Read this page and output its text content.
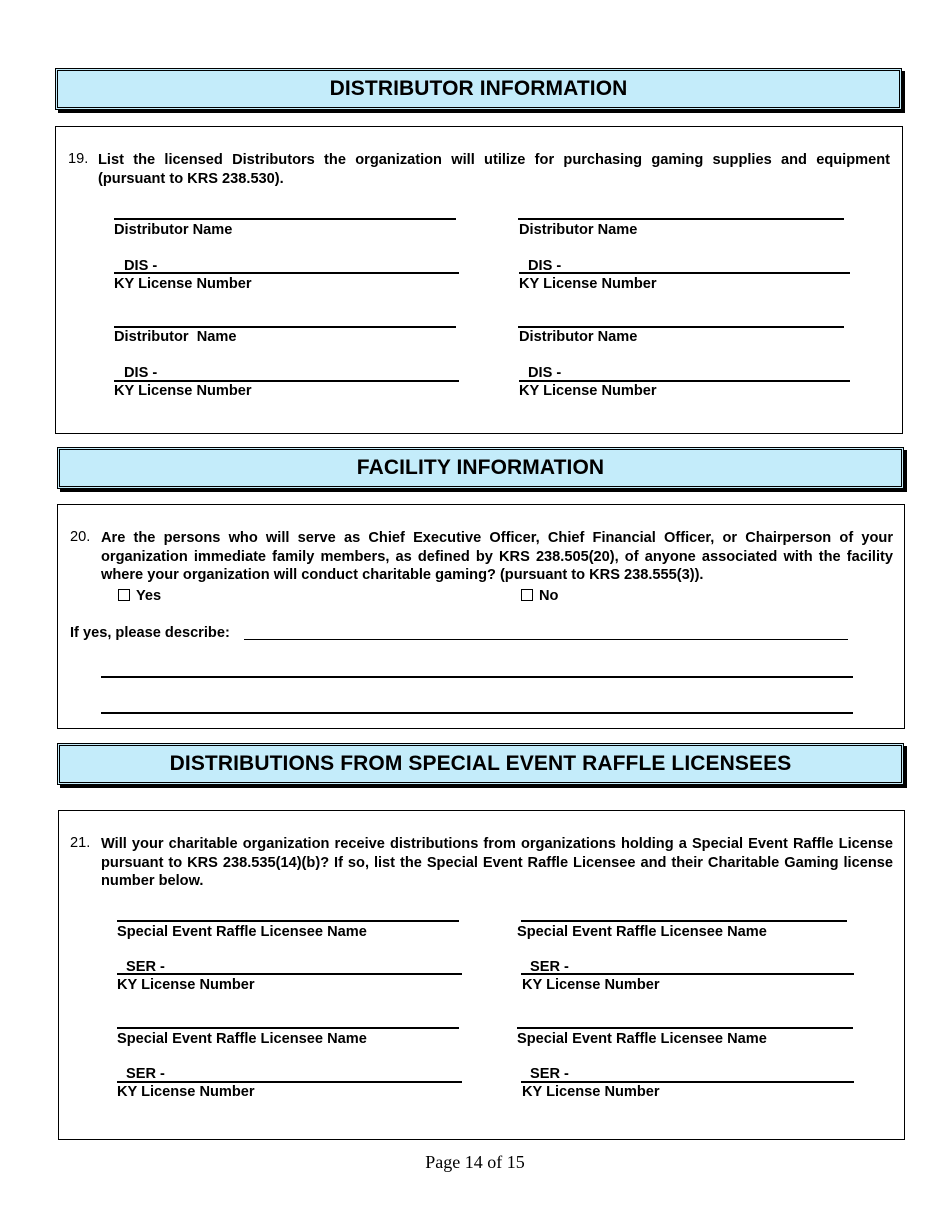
DISTRIBUTOR INFORMATION
19. List the licensed Distributors the organization will utilize for purchasing gaming supplies and equipment (pursuant to KRS 238.530).
Distributor Name
DIS -
KY License Number
Distributor Name
DIS -
KY License Number
Distributor  Name
DIS -
KY License Number
Distributor Name
DIS -
KY License Number
FACILITY INFORMATION
20. Are the persons who will serve as Chief Executive Officer, Chief Financial Officer, or Chairperson of your organization immediate family members, as defined by KRS 238.505(20), of anyone associated with the facility where your organization will conduct charitable gaming? (pursuant to KRS 238.555(3)).
Yes	No
If yes, please describe:
DISTRIBUTIONS FROM SPECIAL EVENT RAFFLE LICENSEES
21. Will your charitable organization receive distributions from organizations holding a Special Event Raffle License pursuant to KRS 238.535(14)(b)? If so, list the Special Event Raffle Licensee and their Charitable Gaming license number below.
Special Event Raffle Licensee Name
SER -
KY License Number
Special Event Raffle Licensee Name
SER -
KY License Number
Special Event Raffle Licensee Name
SER -
KY License Number
Special Event Raffle Licensee Name
SER -
KY License Number
Page 14 of 15
